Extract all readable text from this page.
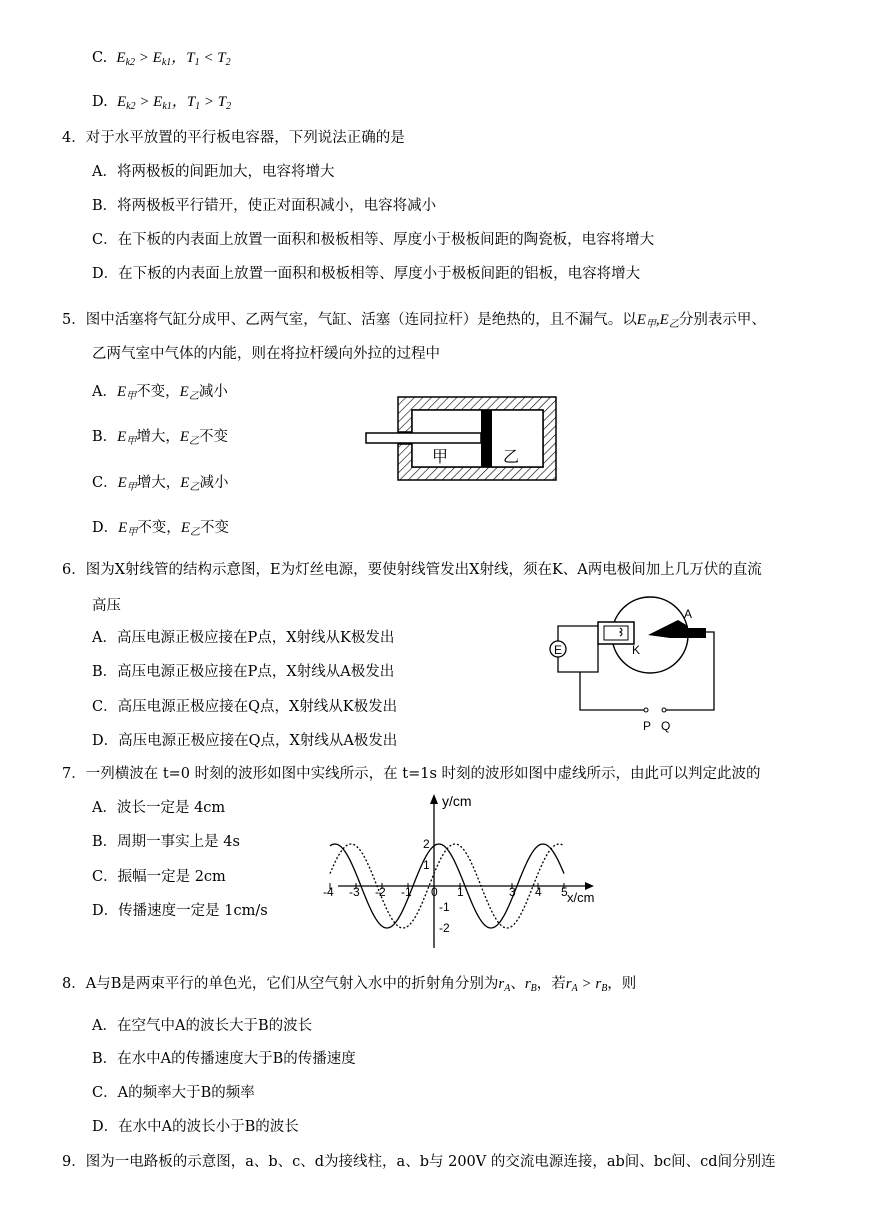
C. $E_{k2} > E_{k1}$，$T_1 < T_2$
D. $E_{k2} > E_{k1}$，$T_1 > T_2$
4．对于水平放置的平行板电容器，下列说法正确的是
A．将两极板的间距加大，电容将增大
B．将两极板平行错开，使正对面积减小，电容将减小
C．在下板的内表面上放置一面积和极板相等、厚度小于极板间距的陶瓷板，电容将增大
D．在下板的内表面上放置一面积和极板相等、厚度小于极板间距的铝板，电容将增大
5．图中活塞将气缸分成甲、乙两气室，气缸、活塞（连同拉杆）是绝热的，且不漏气。以$E_甲,E_乙$分别表示甲、
乙两气室中气体的内能，则在将拉杆缓向外拉的过程中
A．$E_甲$不变，$E_乙$减小
B．$E_甲$增大，$E_乙$不变
C．$E_甲$增大，$E_乙$减小
D．$E_甲$不变，$E_乙$不变
甲	乙
6．图为X射线管的结构示意图，E为灯丝电源，要使射线管发出X射线，须在K、A两电极间加上几万伏的直流
高压
A．高压电源正极应接在P点，X射线从K极发出
B．高压电源正极应接在P点，X射线从A极发出
C．高压电源正极应接在Q点，X射线从K极发出
D．高压电源正极应接在Q点，X射线从A极发出
E
P Q
A
K
7．一列横波在 t=0 时刻的波形如图中实线所示，在 t=1s 时刻的波形如图中虚线所示，由此可以判定此波的
A．波长一定是 4cm
B．周期一事实上是 4s
C．振幅一定是 2cm
D．传播速度一定是 1cm/s
y/cm
x/cm
-4 -3 -2 -1 0 1	3 4 5
2
1
-1
-2
8．A与B是两束平行的单色光，它们从空气射入水中的折射角分别为$r_A$、$r_B$，若$r_A > r_B$，则
A．在空气中A的波长大于B的波长
B．在水中A的传播速度大于B的传播速度
C．A的频率大于B的频率
D．在水中A的波长小于B的波长
9．图为一电路板的示意图，a、b、c、d为接线柱，a、b与 200V 的交流电源连接，ab间、bc间、cd间分别连
